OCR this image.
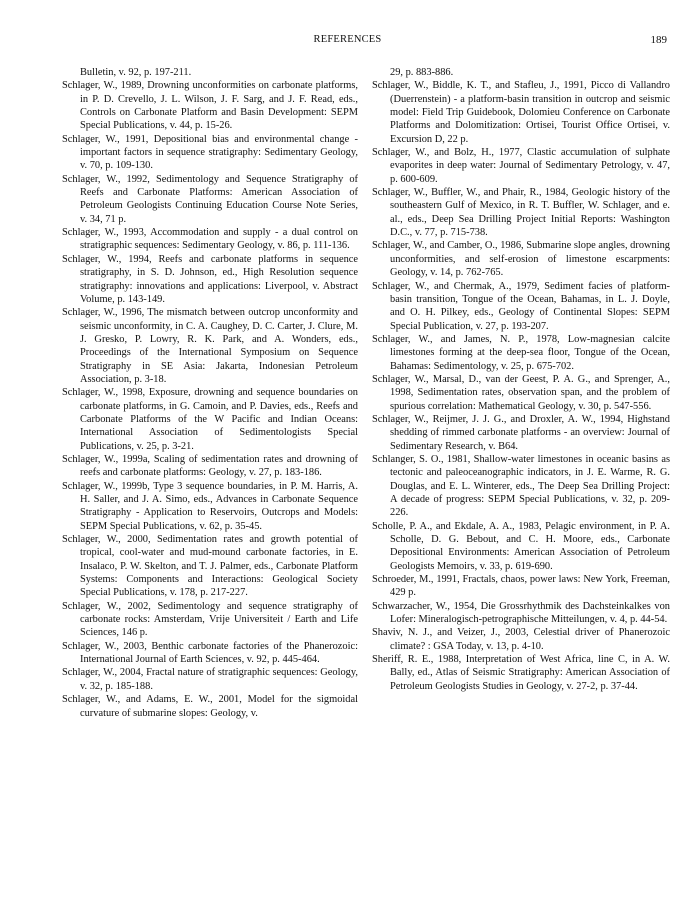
REFERENCES	189

Bulletin, v. 92, p. 197-211.

Schlager, W., 1989, Drowning unconformities on carbonate platforms, in P. D. Crevello, J. L. Wilson, J. F. Sarg, and J. F. Read, eds., Controls on Carbonate Platform and Basin Development: SEPM Special Publications, v. 44, p. 15-26.

Schlager, W., 1991, Depositional bias and environmental change - important factors in sequence stratigraphy: Sedimentary Geology, v. 70, p. 109-130.

Schlager, W., 1992, Sedimentology and Sequence Stratigraphy of Reefs and Carbonate Platforms: American Association of Petroleum Geologists Continuing Education Course Note Series, v. 34, 71 p.

Schlager, W., 1993, Accommodation and supply - a dual control on stratigraphic sequences: Sedimentary Geology, v. 86, p. 111-136.

Schlager, W., 1994, Reefs and carbonate platforms in sequence stratigraphy, in S. D. Johnson, ed., High Resolution sequence stratigraphy: innovations and applications: Liverpool, v. Abstract Volume, p. 143-149.

Schlager, W., 1996, The mismatch between outcrop unconformity and seismic unconformity, in C. A. Caughey, D. C. Carter, J. Clure, M. J. Gresko, P. Lowry, R. K. Park, and A. Wonders, eds., Proceedings of the International Symposium on Sequence Stratigraphy in SE Asia: Jakarta, Indonesian Petroleum Association, p. 3-18.

Schlager, W., 1998, Exposure, drowning and sequence boundaries on carbonate platforms, in G. Camoin, and P. Davies, eds., Reefs and Carbonate Platforms of the W Pacific and Indian Oceans: International Association of Sedimentologists Special Publications, v. 25, p. 3-21.

Schlager, W., 1999a, Scaling of sedimentation rates and drowning of reefs and carbonate platforms: Geology, v. 27, p. 183-186.

Schlager, W., 1999b, Type 3 sequence boundaries, in P. M. Harris, A. H. Saller, and J. A. Simo, eds., Advances in Carbonate Sequence Stratigraphy - Application to Reservoirs, Outcrops and Models: SEPM Special Publications, v. 62, p. 35-45.

Schlager, W., 2000, Sedimentation rates and growth potential of tropical, cool-water and mud-mound carbonate factories, in E. Insalaco, P. W. Skelton, and T. J. Palmer, eds., Carbonate Platform Systems: Components and Interactions: Geological Society Special Publications, v. 178, p. 217-227.

Schlager, W., 2002, Sedimentology and sequence stratigraphy of carbonate rocks: Amsterdam, Vrije Universiteit / Earth and Life Sciences, 146 p.

Schlager, W., 2003, Benthic carbonate factories of the Phanerozoic: International Journal of Earth Sciences, v. 92, p. 445-464.

Schlager, W., 2004, Fractal nature of stratigraphic sequences: Geology, v. 32, p. 185-188.

Schlager, W., and Adams, E. W., 2001, Model for the sigmoidal curvature of submarine slopes: Geology, v.

29, p. 883-886.

Schlager, W., Biddle, K. T., and Stafleu, J., 1991, Picco di Vallandro (Duerrenstein) - a platform-basin transition in outcrop and seismic model: Field Trip Guidebook, Dolomieu Conference on Carbonate Platforms and Dolomitization: Ortisei, Tourist Office Ortisei, v. Excursion D, 22 p.

Schlager, W., and Bolz, H., 1977, Clastic accumulation of sulphate evaporites in deep water: Journal of Sedimentary Petrology, v. 47, p. 600-609.

Schlager, W., Buffler, W., and Phair, R., 1984, Geologic history of the southeastern Gulf of Mexico, in R. T. Buffler, W. Schlager, and e. al., eds., Deep Sea Drilling Project Initial Reports: Washington D.C., v. 77, p. 715-738.

Schlager, W., and Camber, O., 1986, Submarine slope angles, drowning unconformities, and self-erosion of limestone escarpments: Geology, v. 14, p. 762-765.

Schlager, W., and Chermak, A., 1979, Sediment facies of platform-basin transition, Tongue of the Ocean, Bahamas, in L. J. Doyle, and O. H. Pilkey, eds., Geology of Continental Slopes: SEPM Special Publication, v. 27, p. 193-207.

Schlager, W., and James, N. P., 1978, Low-magnesian calcite limestones forming at the deep-sea floor, Tongue of the Ocean, Bahamas: Sedimentology, v. 25, p. 675-702.

Schlager, W., Marsal, D., van der Geest, P. A. G., and Sprenger, A., 1998, Sedimentation rates, observation span, and the problem of spurious correlation: Mathematical Geology, v. 30, p. 547-556.

Schlager, W., Reijmer, J. J. G., and Droxler, A. W., 1994, Highstand shedding of rimmed carbonate platforms - an overview: Journal of Sedimentary Research, v. B64.

Schlanger, S. O., 1981, Shallow-water limestones in oceanic basins as tectonic and paleoceanographic indicators, in J. E. Warme, R. G. Douglas, and E. L. Winterer, eds., The Deep Sea Drilling Project: A decade of progress: SEPM Special Publications, v. 32, p. 209-226.

Scholle, P. A., and Ekdale, A. A., 1983, Pelagic environment, in P. A. Scholle, D. G. Bebout, and C. H. Moore, eds., Carbonate Depositional Environments: American Association of Petroleum Geologists Memoirs, v. 33, p. 619-690.

Schroeder, M., 1991, Fractals, chaos, power laws: New York, Freeman, 429 p.

Schwarzacher, W., 1954, Die Grossrhythmik des Dachsteinkalkes von Lofer: Mineralogisch-petrographische Mitteilungen, v. 4, p. 44-54.

Shaviv, N. J., and Veizer, J., 2003, Celestial driver of Phanerozoic climate? : GSA Today, v. 13, p. 4-10.

Sheriff, R. E., 1988, Interpretation of West Africa, line C, in A. W. Bally, ed., Atlas of Seismic Stratigraphy: American Association of Petroleum Geologists Studies in Geology, v. 27-2, p. 37-44.
